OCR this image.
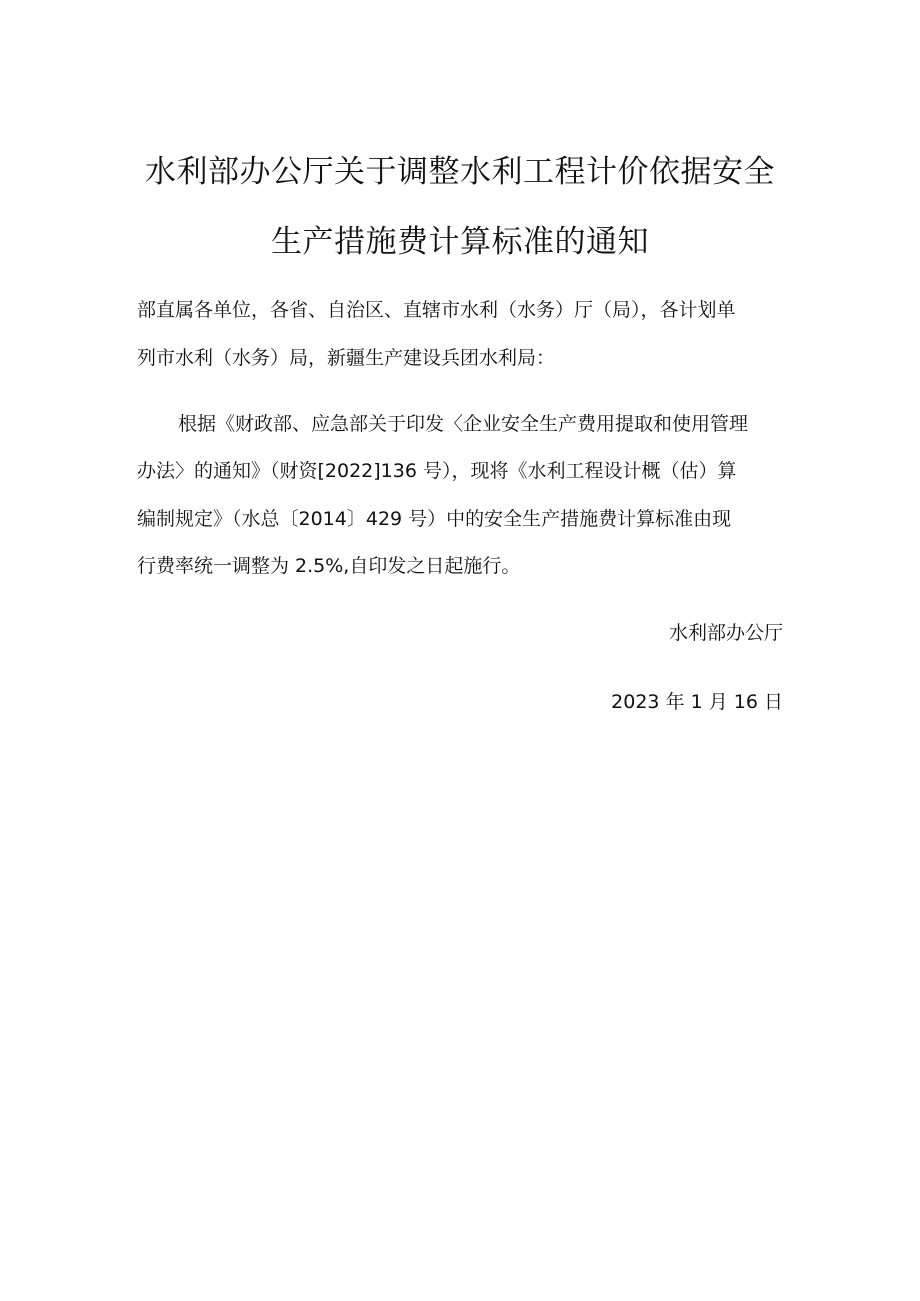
水利部办公厅关于调整水利工程计价依据安全
生产措施费计算标准的通知
部直属各单位，各省、自治区、直辖市水利（水务）厅（局），各计划单
列市水利（水务）局，新疆生产建设兵团水利局：
根据《财政部、应急部关于印发〈企业安全生产费用提取和使用管理
办法〉的通知》（财资[2022]136 号），现将《水利工程设计概（估）算
编制规定》（水总〔2014〕429 号）中的安全生产措施费计算标准由现
行费率统一调整为 2.5%,自印发之日起施行。
水利部办公厅
2023 年 1 月 16 日
